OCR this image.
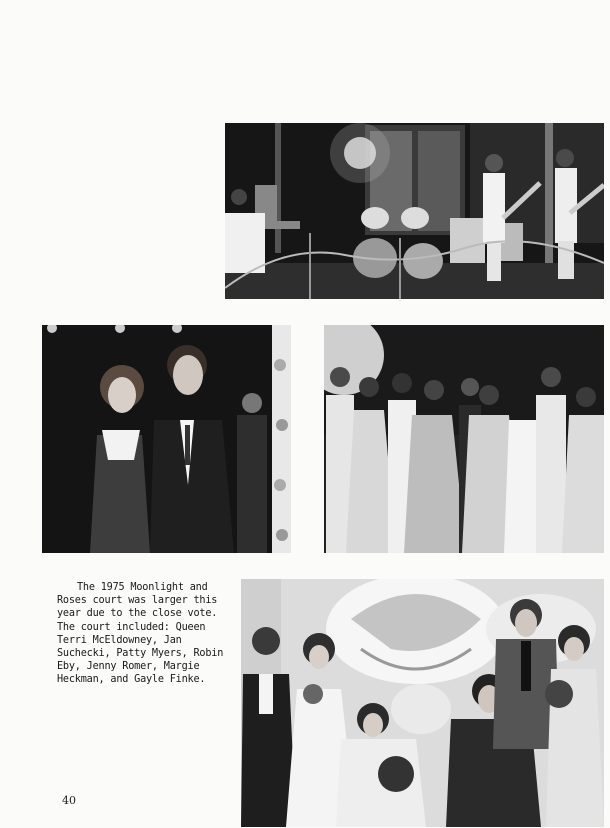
The 1975 Moonlight and Roses court was larger this year due to the close vote. The court included: Queen Terri McEldowney, Jan Suchecki, Patty Myers, Robin Eby, Jenny Romer, Margie Heckman, and Gayle Finke.

40
